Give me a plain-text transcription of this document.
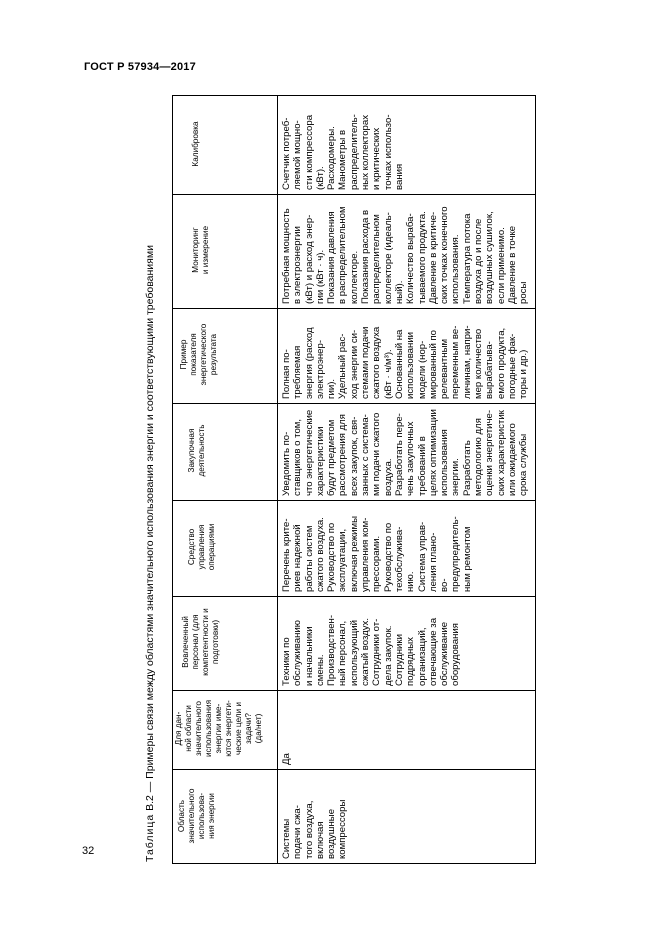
ГОСТ Р 57934—2017
Таблица В.2 — Примеры связи между областями значительного использования энергии и соответствующими требованиями
Область
значительного
использова-
ния энергии
Для дан-
ной области
значительного
использования
энергии име-
ются энергети-
ческие цели и
задачи?
(да/нет)
Вовлеченный
персонал (для
компетентности и
подготовки)
Средство
управления
операциями
Закупочная
деятельность
Пример
показателя
энергетического
результата
Мониторинг
и измерение
Калибровка
Системы
подачи сжа-
того воздуха,
включая
воздушные
компрессоры
Да
Техники по
обслуживанию
и начальники
смены.
Производствен-
ный персонал,
использующий
сжатый воздух.
Сотрудники от-
дела закупок.
Сотрудники
подрядных
организаций,
отвечающие за
обслуживание
оборудования
Перечень крите-
риев надежной
работы систем
сжатого воздуха.
Руководство по
эксплуатации,
включая режимы
управления ком-
прессорами.
Руководство по
техобслужива-
нию.
Система управ-
ления плано-
во-
предупредитель-
ным ремонтом
Уведомить по-
ставщиков о том,
что энергетические
характеристики
будут предметом
рассмотрения для
всех закупок, свя-
занных с система-
ми подачи сжатого
воздуха.
Разработать пере-
чень закупочных
требований в
целях оптимизации
использования
энергии.
Разработать
методологию для
оценки энергетиче-
ских характеристик
или ожидаемого
срока службы
Полная по-
требляемая
энергия (расход
электроэнер-
гии).
Удельный рас-
ход энергии си-
стемами подачи
сжатого воздуха
(кВт · ч/м³).
Основанный на
использовании
модели (нор-
мированный по
релевантным
переменным ве-
личинам, напри-
мер количество
вырабатыва-
емого продукта,
погодные фак-
торы и др.)
Потребная мощность
в электроэнергии
(кВт) и расход энер-
гии (кВт · ч).
Показания давления
в распределительном
коллекторе.
Показания расхода в
распределительном
коллекторе (идеаль-
ный).
Количество выраба-
тываемого продукта.
Давление в критиче-
ских точках конечного
использования.
Температура потока
воздуха до и после
воздушных сушилок,
если применимо.
Давление в точке
росы
Счетчик потреб-
ляемой мощно-
сти компрессора
(кВт).
Расходомеры.
Манометры в
распределитель-
ных коллекторах
и критических
точках использо-
вания
32
